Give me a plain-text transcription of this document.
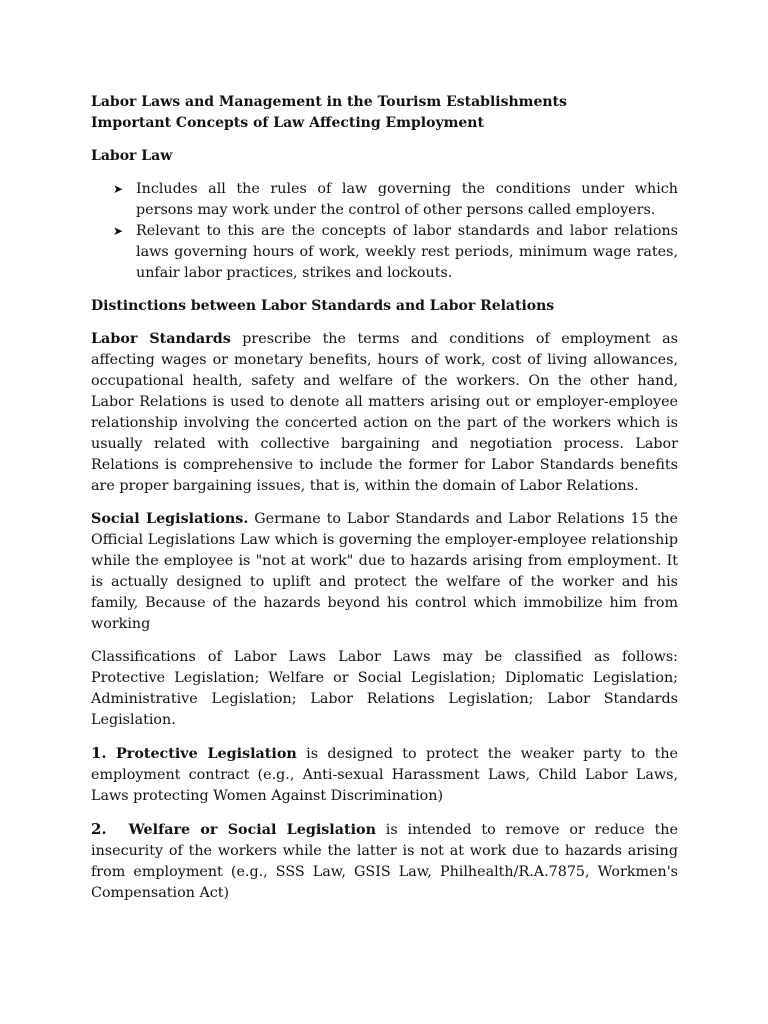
Labor Laws and Management in the Tourism Establishments

Important Concepts of Law Affecting Employment

Labor Law

➤ Includes all the rules of law governing the conditions under which persons may work under the control of other persons called employers.
➤ Relevant to this are the concepts of labor standards and labor relations laws governing hours of work, weekly rest periods, minimum wage rates, unfair labor practices, strikes and lockouts.

Distinctions between Labor Standards and Labor Relations

Labor Standards prescribe the terms and conditions of employment as affecting wages or monetary benefits, hours of work, cost of living allowances, occupational health, safety and welfare of the workers. On the other hand, Labor Relations is used to denote all matters arising out or employer-employee relationship involving the concerted action on the part of the workers which is usually related with collective bargaining and negotiation process. Labor Relations is comprehensive to include the former for Labor Standards benefits are proper bargaining issues, that is, within the domain of Labor Relations.

Social Legislations. Germane to Labor Standards and Labor Relations 15 the Official Legislations Law which is governing the employer-employee relationship while the employee is "not at work" due to hazards arising from employment. It is actually designed to uplift and protect the welfare of the worker and his family, Because of the hazards beyond his control which immobilize him from working

Classifications of Labor Laws Labor Laws may be classified as follows: Protective Legislation; Welfare or Social Legislation; Diplomatic Legislation; Administrative Legislation; Labor Relations Legislation; Labor Standards Legislation.

1. Protective Legislation is designed to protect the weaker party to the employment contract (e.g., Anti-sexual Harassment Laws, Child Labor Laws, Laws protecting Women Against Discrimination)

2. Welfare or Social Legislation is intended to remove or reduce the insecurity of the workers while the latter is not at work due to hazards arising from employment (e.g., SSS Law, GSIS Law, Philhealth/R.A.7875, Workmen's Compensation Act)
